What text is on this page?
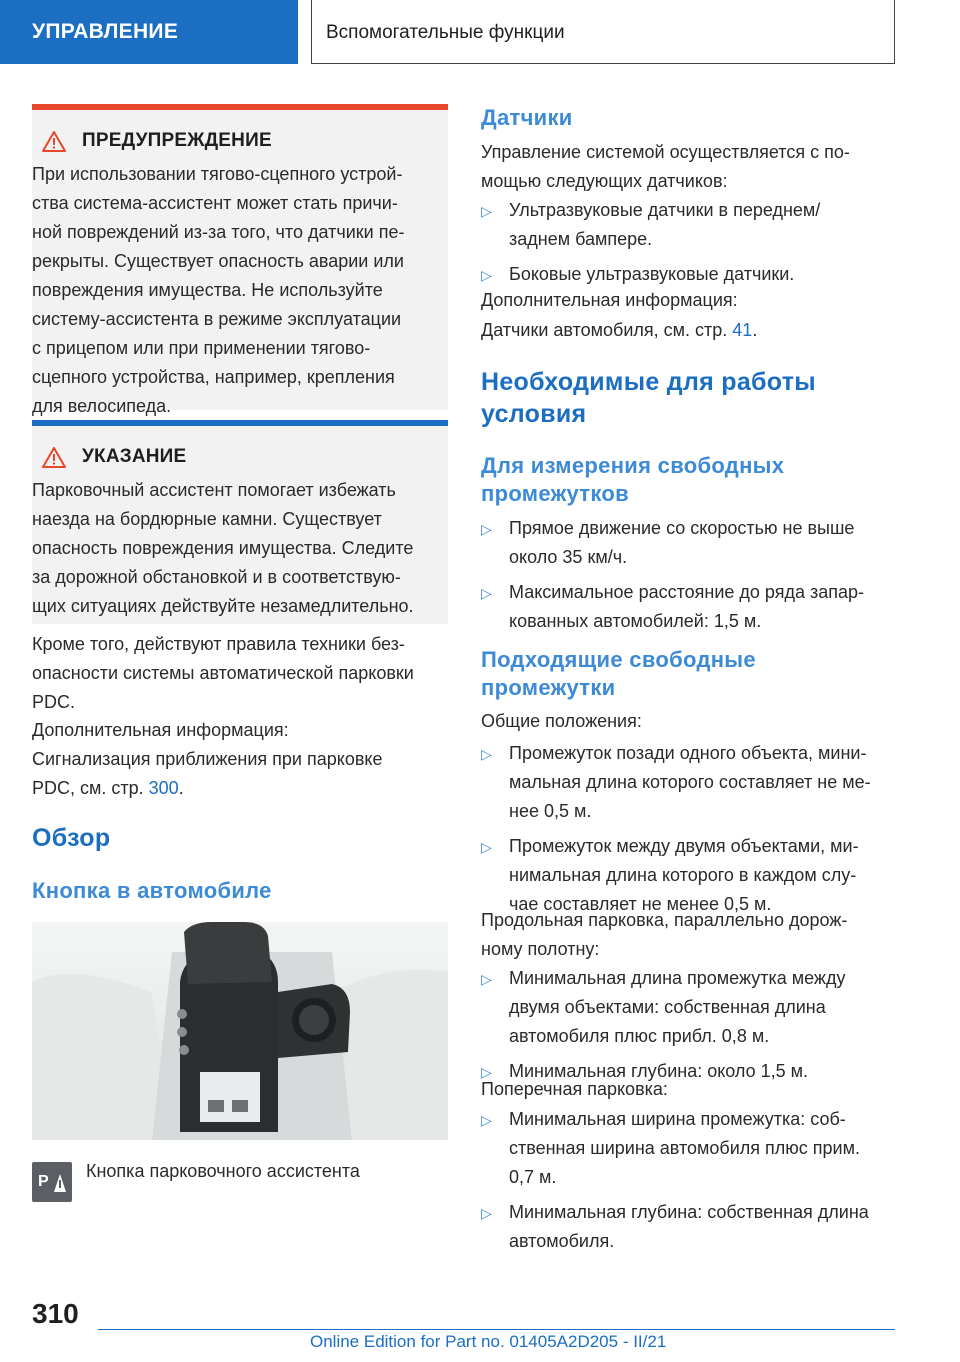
УПРАВЛЕНИЕ	Вспомогательные функции
ПРЕДУПРЕЖДЕНИЕ
При использовании тягово-сцепного устрой-
ства система-ассистент может стать причи-
ной повреждений из-за того, что датчики пе-
рекрыты. Существует опасность аварии или
повреждения имущества. Не используйте
систему-ассистента в режиме эксплуатации
с прицепом или при применении тягово-
сцепного устройства, например, крепления
для велосипеда.
УКАЗАНИЕ
Парковочный ассистент помогает избежать
наезда на бордюрные камни. Существует
опасность повреждения имущества. Следите
за дорожной обстановкой и в соответствую-
щих ситуациях действуйте незамедлительно.

Кроме того, действуют правила техники без-

опасности системы автоматической парковки

PDC.

Дополнительная информация:

Сигнализация приближения при парковке

PDC, см. стр. 300.

Обзор
Кнопка в автомобиле
P
Кнопка парковочного ассистента
Датчики

Управление системой осуществляется с по-

мощью следующих датчиков:

▷ Ультразвуковые датчики в переднем/
заднем бампере.
▷ Боковые ультразвуковые датчики.

Дополнительная информация:

Датчики автомобиля, см. стр. 41.

Необходимые для работы
условия
Для измерения свободных
промежутков
▷ Прямое движение со скоростью не выше
около 35 км/ч.
▷ Максимальное расстояние до ряда запар-
кованных автомобилей: 1,5 м.
Подходящие свободные
промежутки

Общие положения:

▷ Промежуток позади одного объекта, мини-
мальная длина которого составляет не ме-
нее 0,5 м.
▷ Промежуток между двумя объектами, ми-
нимальная длина которого в каждом слу-
чае составляет не менее 0,5 м.

Продольная парковка, параллельно дорож-

ному полотну:

▷ Минимальная длина промежутка между
двумя объектами: собственная длина
автомобиля плюс прибл. 0,8 м.
▷ Минимальная глубина: около 1,5 м.

Поперечная парковка:

▷ Минимальная ширина промежутка: соб-
ственная ширина автомобиля плюс прим.
0,7 м.
▷ Минимальная глубина: собственная длина
автомобиля.
310
Online Edition for Part no. 01405A2D205 - II/21
